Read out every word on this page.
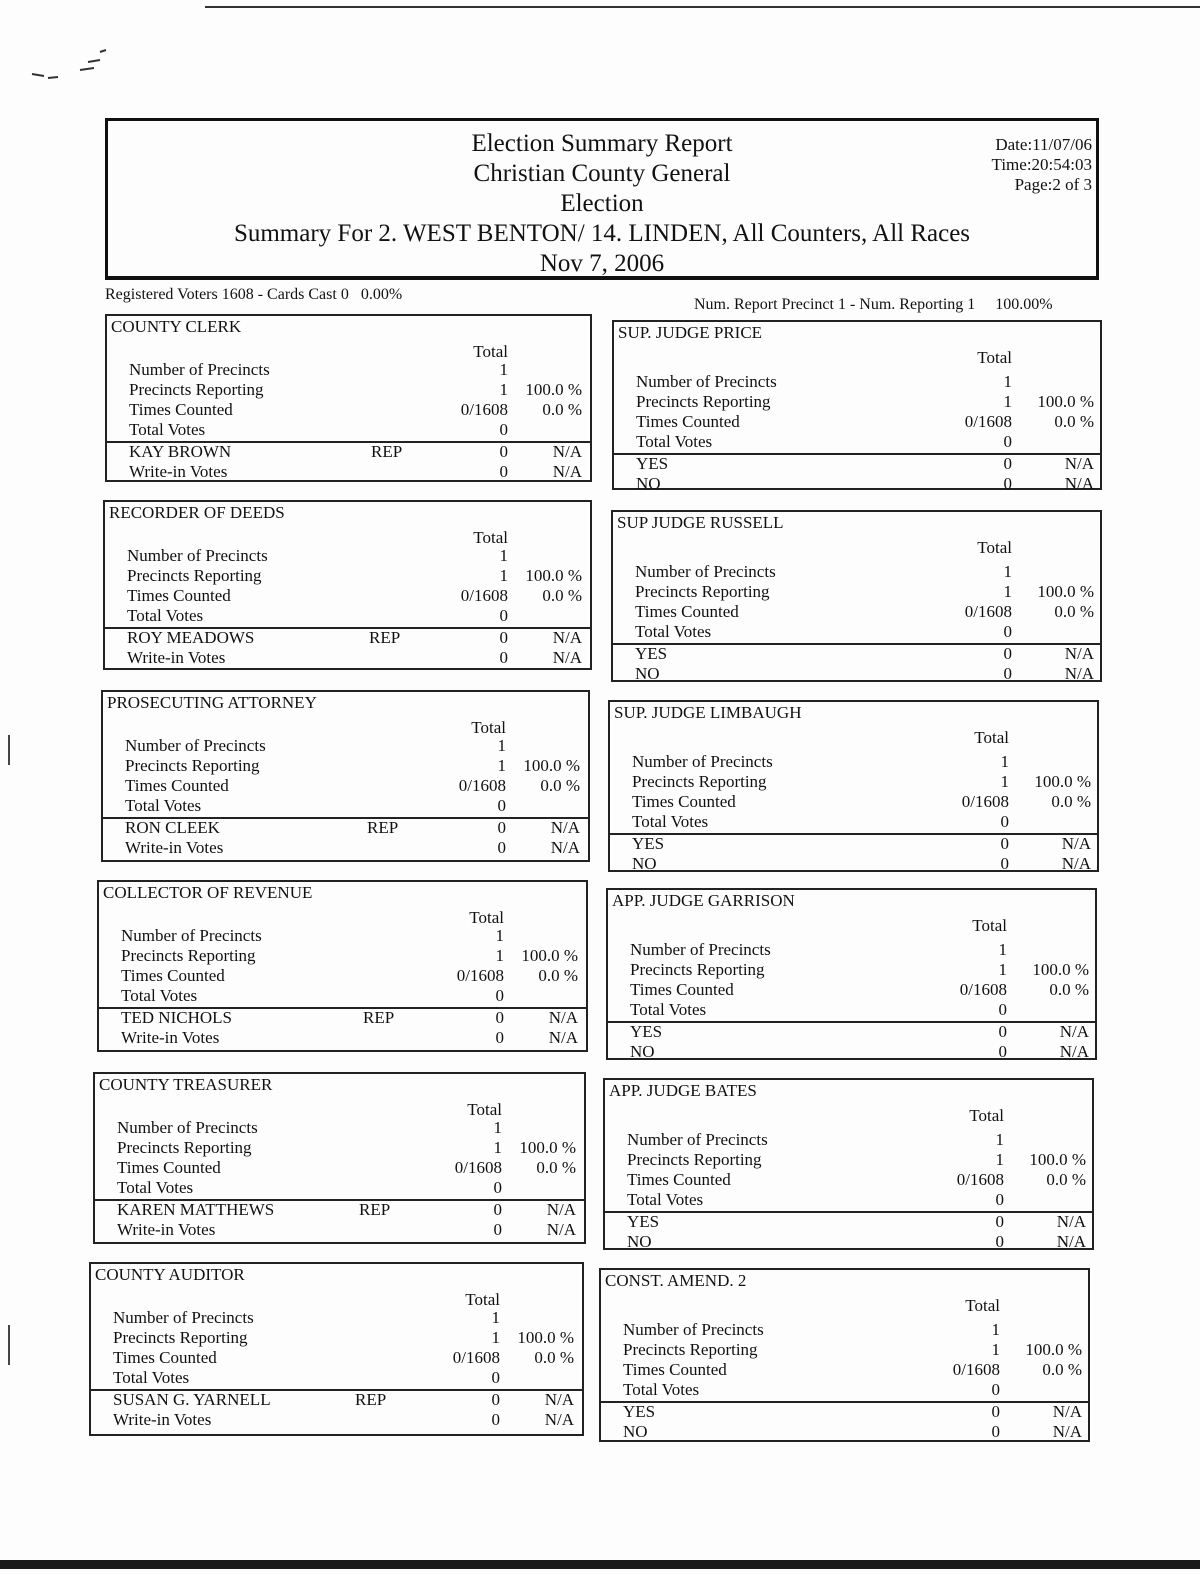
Election Summary Report
Christian County General
Election
Summary For 2. WEST BENTON/ 14. LINDEN, All Counters, All Races
Nov 7, 2006
Date:11/07/06
Time:20:54:03
Page:2 of 3
Registered Voters 1608 - Cards Cast 0   0.00%
Num. Report Precinct 1 - Num. Reporting 1     100.00%
COUNTY CLERK
Total
Number of Precincts	1
Precincts Reporting	1 100.0 %
Times Counted	0/1608 0.0 %
Total Votes	0
KAY BROWN	REP	0	N/A
Write-in Votes	0	N/A
RECORDER OF DEEDS
Total
Number of Precincts	1
Precincts Reporting	1 100.0 %
Times Counted	0/1608 0.0 %
Total Votes	0
ROY MEADOWS	REP	0	N/A
Write-in Votes	0	N/A
PROSECUTING ATTORNEY
Total
Number of Precincts	1
Precincts Reporting	1 100.0 %
Times Counted	0/1608 0.0 %
Total Votes	0
RON CLEEK	REP	0	N/A
Write-in Votes	0	N/A
COLLECTOR OF REVENUE
Total
Number of Precincts	1
Precincts Reporting	1 100.0 %
Times Counted	0/1608 0.0 %
Total Votes	0
TED NICHOLS	REP	0	N/A
Write-in Votes	0	N/A
COUNTY TREASURER
Total
Number of Precincts	1
Precincts Reporting	1 100.0 %
Times Counted	0/1608 0.0 %
Total Votes	0
KAREN MATTHEWS	REP	0	N/A
Write-in Votes	0	N/A
COUNTY AUDITOR
Total
Number of Precincts	1
Precincts Reporting	1 100.0 %
Times Counted	0/1608 0.0 %
Total Votes	0
SUSAN G. YARNELL	REP	0	N/A
Write-in Votes	0	N/A
SUP. JUDGE PRICE
Total
Number of Precincts	1
Precincts Reporting	1 100.0 %
Times Counted	0/1608 0.0 %
Total Votes	0
YES	0	N/A
NO	0	N/A
SUP JUDGE RUSSELL
Total
Number of Precincts	1
Precincts Reporting	1 100.0 %
Times Counted	0/1608 0.0 %
Total Votes	0
YES	0	N/A
NO	0	N/A
SUP. JUDGE LIMBAUGH
Total
Number of Precincts	1
Precincts Reporting	1 100.0 %
Times Counted	0/1608 0.0 %
Total Votes	0
YES	0	N/A
NO	0	N/A
APP. JUDGE GARRISON
Total
Number of Precincts	1
Precincts Reporting	1 100.0 %
Times Counted	0/1608 0.0 %
Total Votes	0
YES	0	N/A
NO	0	N/A
APP. JUDGE BATES
Total
Number of Precincts	1
Precincts Reporting	1 100.0 %
Times Counted	0/1608 0.0 %
Total Votes	0
YES	0	N/A
NO	0	N/A
CONST. AMEND. 2
Total
Number of Precincts	1
Precincts Reporting	1 100.0 %
Times Counted	0/1608 0.0 %
Total Votes	0
YES	0	N/A
NO	0	N/A
